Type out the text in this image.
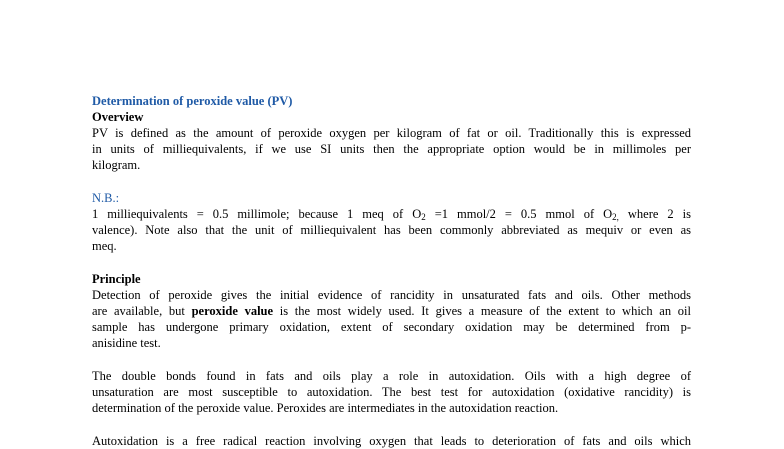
Determination of peroxide value (PV)
Overview
PV is defined as the amount of peroxide oxygen per kilogram of fat or oil. Traditionally this is expressed
in units of milliequivalents, if we use SI units then the appropriate option would be in millimoles per
kilogram.
N.B.:
1 milliequivalents = 0.5 millimole; because 1 meq of $O_2 =1$ mmol/2 = 0.5 mmol of $O_{2,}$ where 2 is
valence). Note also that the unit of milliequivalent has been commonly abbreviated as mequiv or even as
meq.
Principle
Detection of peroxide gives the initial evidence of rancidity in unsaturated fats and oils. Other methods
are available, but peroxide value is the most widely used. It gives a measure of the extent to which an oil
sample has undergone primary oxidation, extent of secondary oxidation may be determined from p-
anisidine test.
The double bonds found in fats and oils play a role in autoxidation. Oils with a high degree of
unsaturation are most susceptible to autoxidation. The best test for autoxidation (oxidative rancidity) is
determination of the peroxide value. Peroxides are intermediates in the autoxidation reaction.
Autoxidation is a free radical reaction involving oxygen that leads to deterioration of fats and oils which
